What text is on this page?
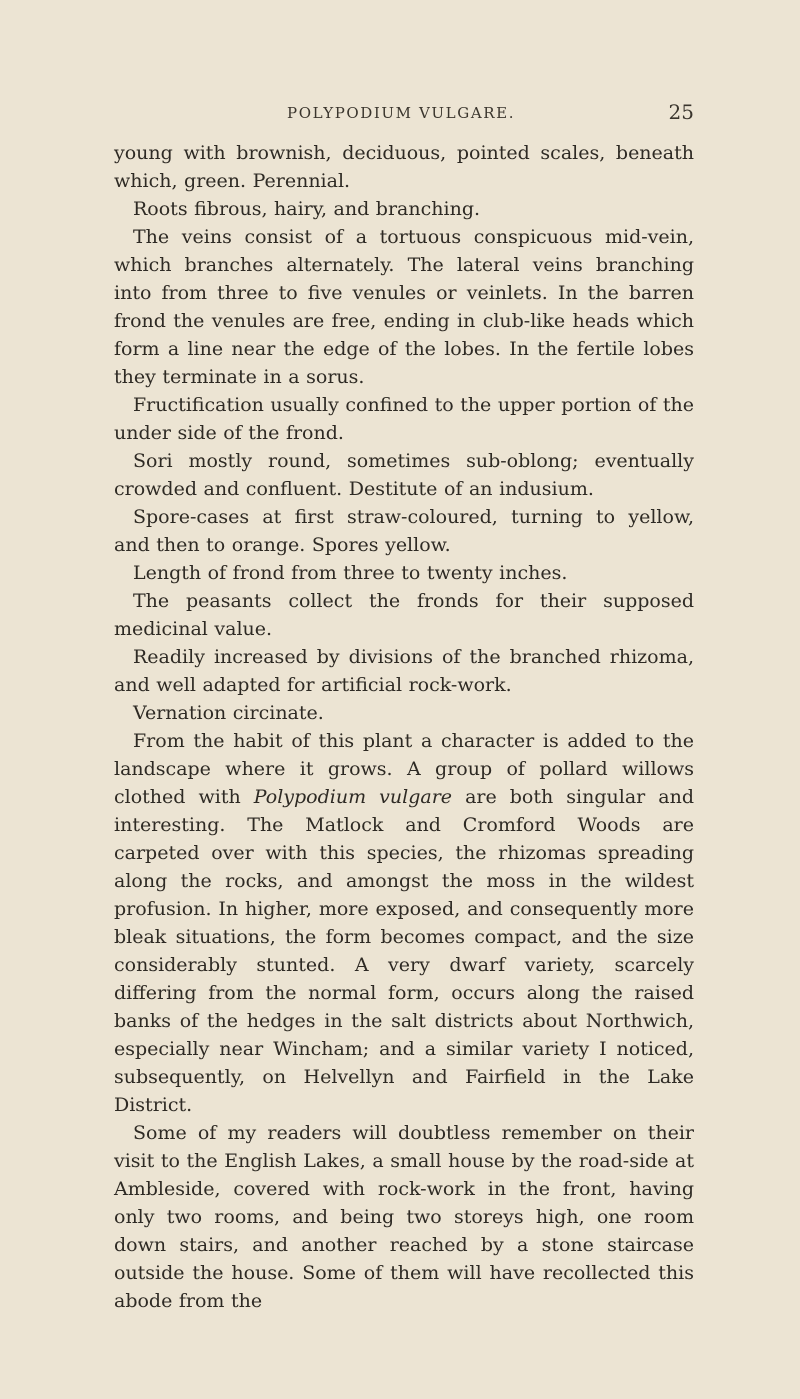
POLYPODIUM VULGARE.	25

young with brownish, deciduous, pointed scales, beneath which, green. Perennial.

Roots fibrous, hairy, and branching.

The veins consist of a tortuous conspicuous mid-vein, which branches alternately. The lateral veins branching into from three to five venules or veinlets. In the barren frond the venules are free, ending in club-like heads which form a line near the edge of the lobes. In the fertile lobes they terminate in a sorus.

Fructification usually confined to the upper portion of the under side of the frond.

Sori mostly round, sometimes sub-oblong; eventually crowded and confluent. Destitute of an indusium.

Spore-cases at first straw-coloured, turning to yellow, and then to orange. Spores yellow.

Length of frond from three to twenty inches.

The peasants collect the fronds for their supposed medicinal value.

Readily increased by divisions of the branched rhizoma, and well adapted for artificial rock-work.

Vernation circinate.

From the habit of this plant a character is added to the landscape where it grows. A group of pollard willows clothed with Polypodium vulgare are both singular and interesting. The Matlock and Cromford Woods are carpeted over with this species, the rhizomas spreading along the rocks, and amongst the moss in the wildest profusion. In higher, more exposed, and consequently more bleak situations, the form becomes compact, and the size considerably stunted. A very dwarf variety, scarcely differing from the normal form, occurs along the raised banks of the hedges in the salt districts about Northwich, especially near Wincham; and a similar variety I noticed, subsequently, on Helvellyn and Fairfield in the Lake District.

Some of my readers will doubtless remember on their visit to the English Lakes, a small house by the road-side at Ambleside, covered with rock-work in the front, having only two rooms, and being two storeys high, one room down stairs, and another reached by a stone staircase outside the house. Some of them will have recollected this abode from the
